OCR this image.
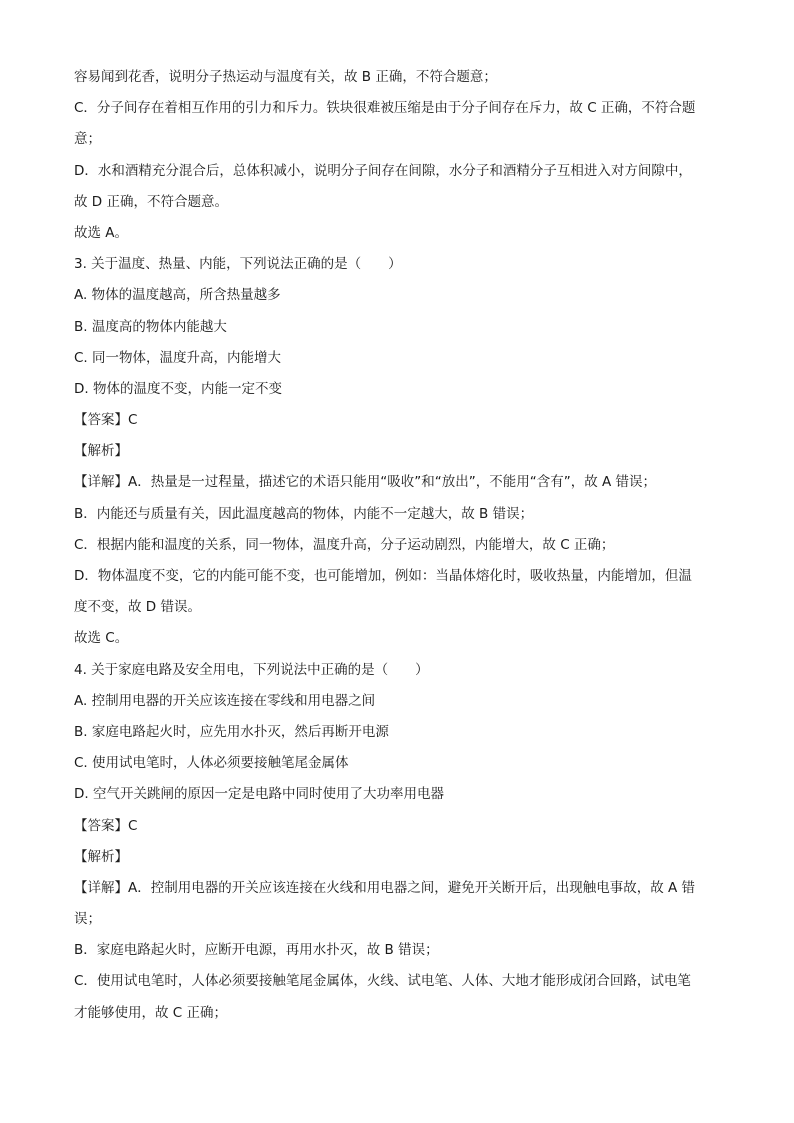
容易闻到花香，说明分子热运动与温度有关，故 B 正确，不符合题意；
C．分子间存在着相互作用的引力和斥力。铁块很难被压缩是由于分子间存在斥力，故 C 正确，不符合题
意；
D．水和酒精充分混合后，总体积减小，说明分子间存在间隙，水分子和酒精分子互相进入对方间隙中，
故 D 正确，不符合题意。
故选 A。
3. 关于温度、热量、内能，下列说法正确的是（　　）
A. 物体的温度越高，所含热量越多
B. 温度高的物体内能越大
C. 同一物体，温度升高，内能增大
D. 物体的温度不变，内能一定不变
【答案】C
【解析】
【详解】A．热量是一过程量，描述它的术语只能用“吸收”和“放出”，不能用“含有”，故 A 错误；
B．内能还与质量有关，因此温度越高的物体，内能不一定越大，故 B 错误；
C．根据内能和温度的关系，同一物体，温度升高，分子运动剧烈，内能增大，故 C 正确；
D．物体温度不变，它的内能可能不变，也可能增加，例如：当晶体熔化时，吸收热量，内能增加，但温
度不变，故 D 错误。
故选 C。
4. 关于家庭电路及安全用电，下列说法中正确的是（　　）
A. 控制用电器的开关应该连接在零线和用电器之间
B. 家庭电路起火时，应先用水扑灭，然后再断开电源
C. 使用试电笔时，人体必须要接触笔尾金属体
D. 空气开关跳闸的原因一定是电路中同时使用了大功率用电器
【答案】C
【解析】
【详解】A．控制用电器的开关应该连接在火线和用电器之间，避免开关断开后，出现触电事故，故 A 错
误；
B．家庭电路起火时，应断开电源，再用水扑灭，故 B 错误；
C．使用试电笔时，人体必须要接触笔尾金属体，火线、试电笔、人体、大地才能形成闭合回路，试电笔
才能够使用，故 C 正确；
